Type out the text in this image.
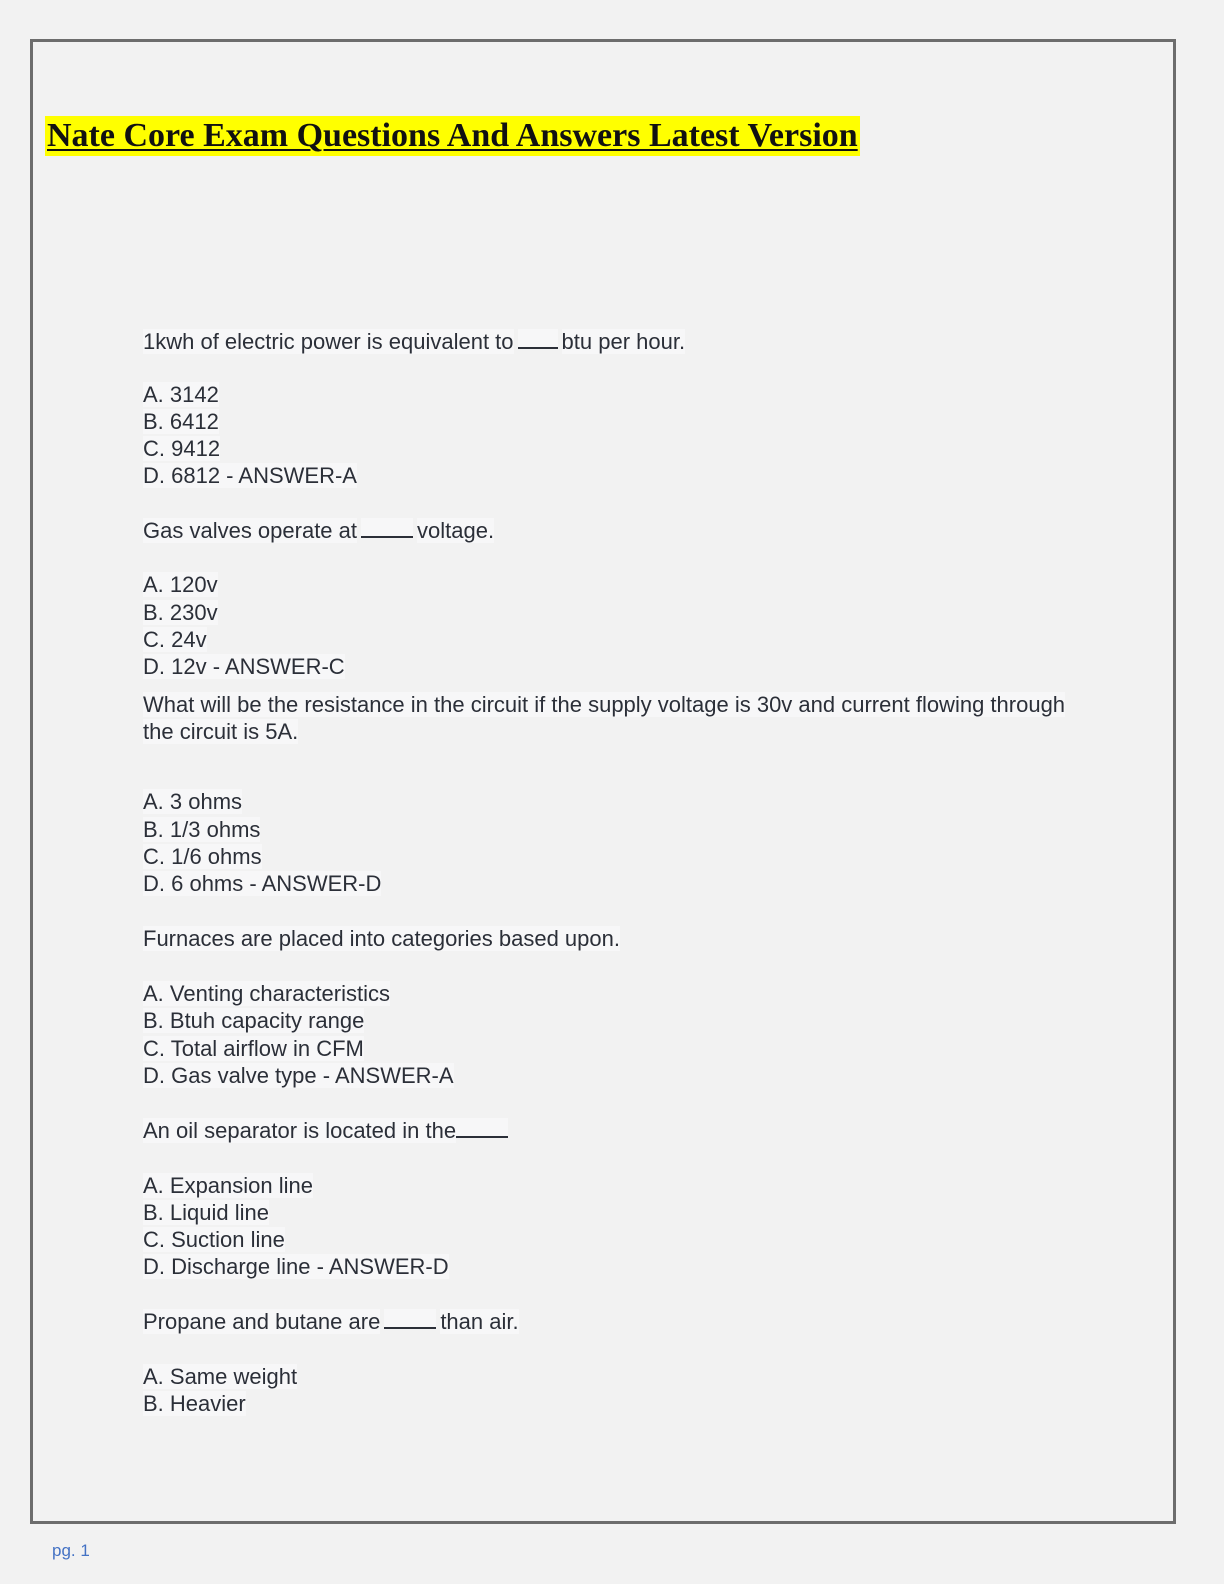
Nate Core Exam Questions And Answers Latest Version

1kwh of electric power is equivalent to btu per hour.

A. 3142

B. 6412

C. 9412

D. 6812 - ANSWER-A

Gas valves operate at	voltage.

A. 120v

B. 230v

C. 24v

D. 12v - ANSWER-C

What will be the resistance in the circuit if the supply voltage is 30v and current flowing through the circuit is 5A.

A. 3 ohms

B. 1/3 ohms

C. 1/6 ohms

D. 6 ohms - ANSWER-D

Furnaces are placed into categories based upon.

A. Venting characteristics

B. Btuh capacity range

C. Total airflow in CFM

D. Gas valve type - ANSWER-A

An oil separator is located in the

A. Expansion line

B. Liquid line

C. Suction line

D. Discharge line - ANSWER-D

Propane and butane are	than air.

A. Same weight

B. Heavier

pg. 1
